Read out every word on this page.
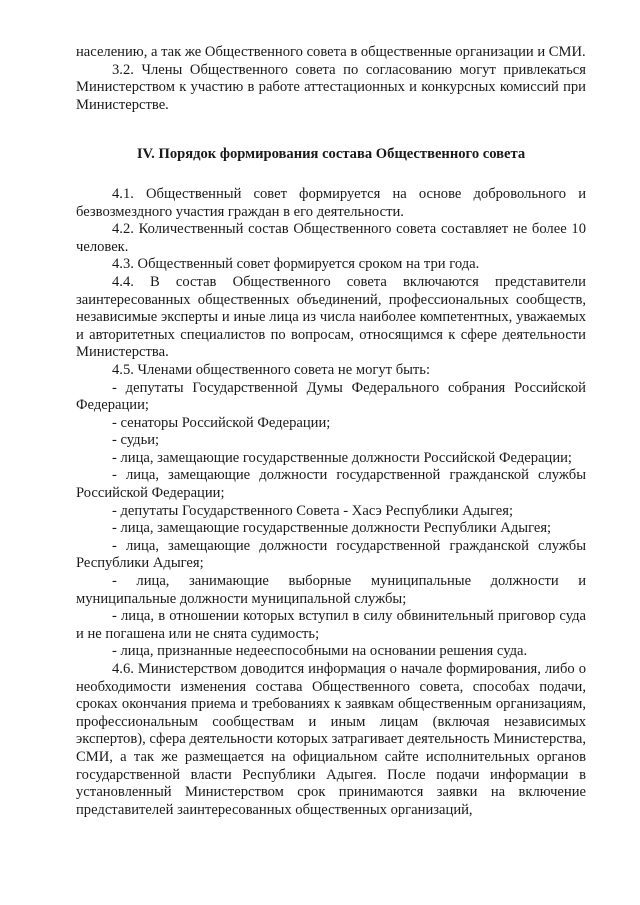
населению, а так же Общественного совета в общественные организации и СМИ.

3.2. Члены Общественного совета по согласованию могут привлекаться Министерством к участию в работе аттестационных и конкурсных комиссий при Министерстве.

IV. Порядок формирования состава Общественного совета

4.1. Общественный совет формируется на основе добровольного и безвозмездного участия граждан в его деятельности.

4.2. Количественный состав Общественного совета составляет не более 10 человек.

4.3. Общественный совет формируется сроком на три года.

4.4. В состав Общественного совета включаются представители заинтересованных общественных объединений, профессиональных сообществ, независимые эксперты и иные лица из числа наиболее компетентных, уважаемых и авторитетных специалистов по вопросам, относящимся к сфере деятельности Министерства.

4.5. Членами общественного совета не могут быть:

- депутаты Государственной Думы Федерального собрания Российской Федерации;

- сенаторы Российской Федерации;

- судьи;

- лица, замещающие государственные должности Российской Федерации;

- лица, замещающие должности государственной гражданской службы Российской Федерации;

- депутаты Государственного Совета - Хасэ Республики Адыгея;

- лица, замещающие государственные должности Республики Адыгея;

- лица, замещающие должности государственной гражданской службы Республики Адыгея;

- лица, занимающие выборные муниципальные должности и муниципальные должности муниципальной службы;

- лица, в отношении которых вступил в силу обвинительный приговор суда и не погашена или не снята судимость;

- лица, признанные недееспособными на основании решения суда.

4.6. Министерством доводится информация о начале формирования, либо о необходимости изменения состава Общественного совета, способах подачи, сроках окончания приема и требованиях к заявкам общественным организациям, профессиональным сообществам и иным лицам (включая независимых экспертов), сфера деятельности которых затрагивает деятельность Министерства, СМИ, а так же размещается на официальном сайте исполнительных органов государственной власти Республики Адыгея. После подачи информации в установленный Министерством срок принимаются заявки на включение представителей заинтересованных общественных организаций,
